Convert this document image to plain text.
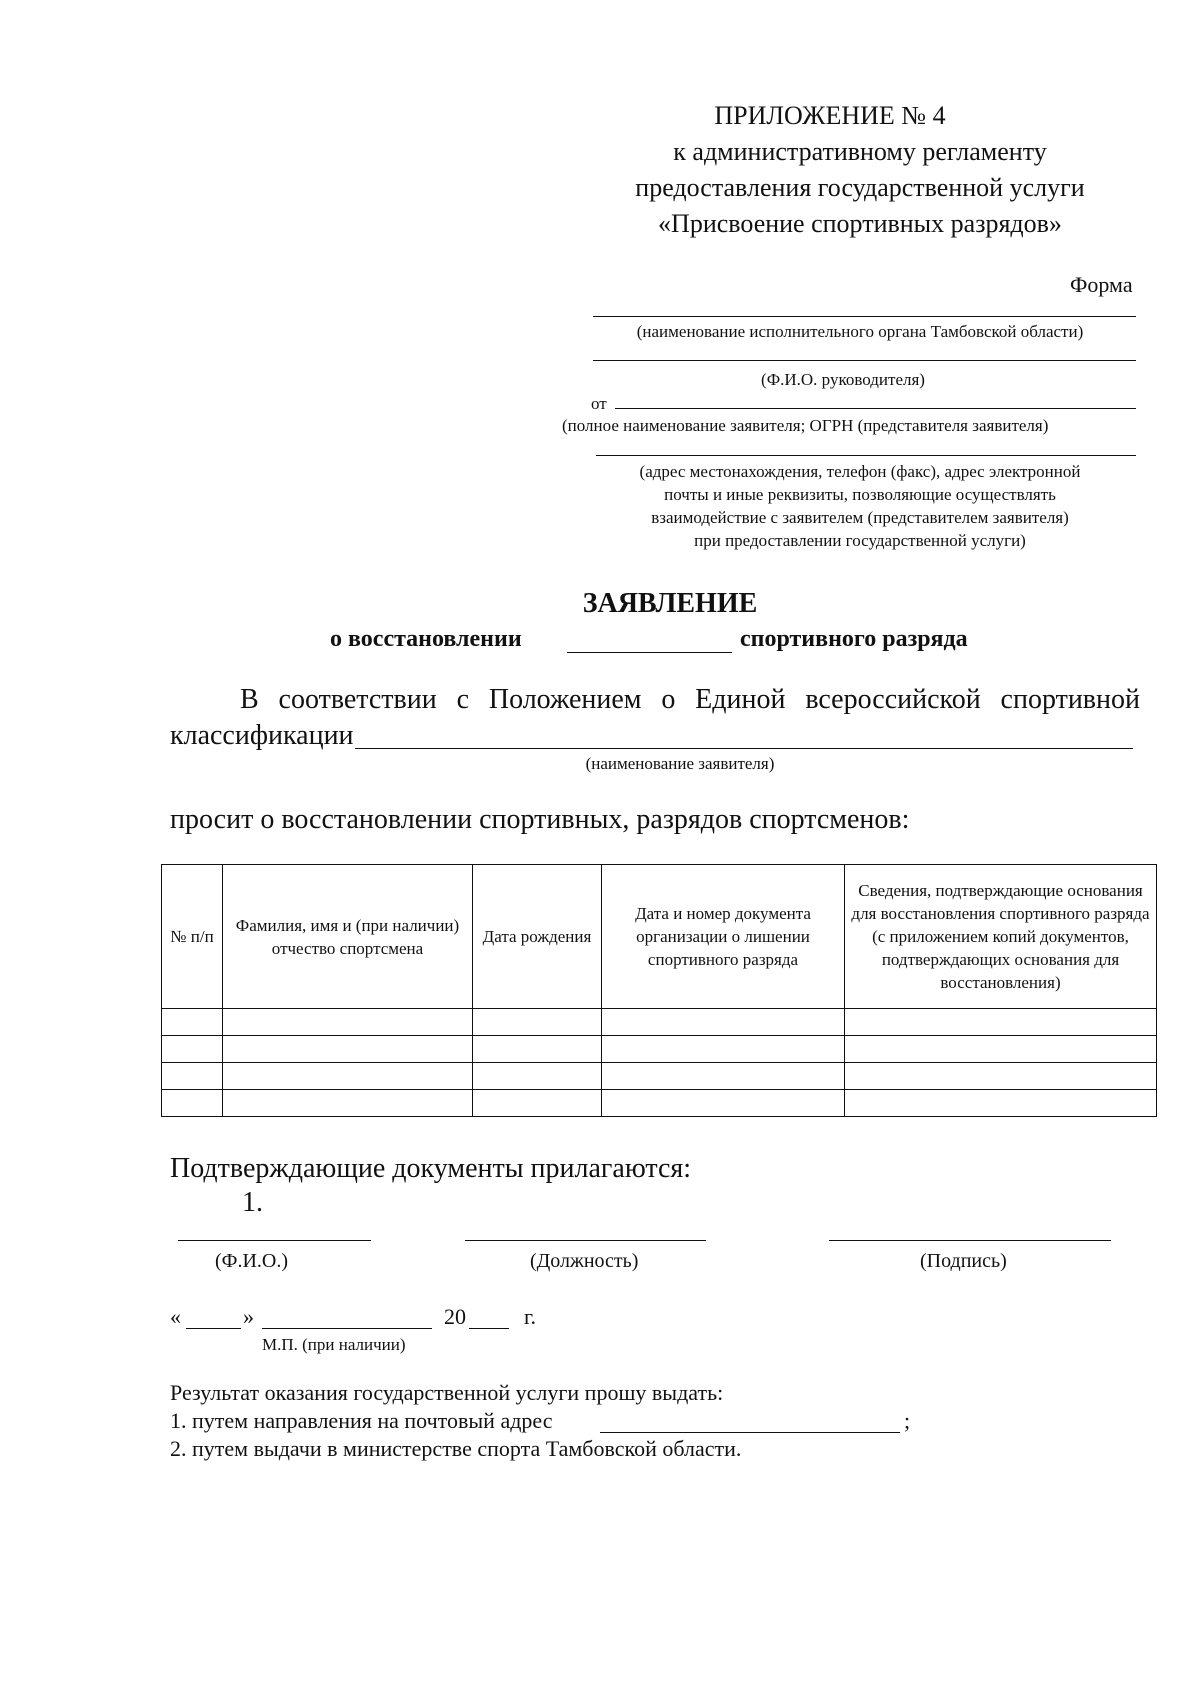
ПРИЛОЖЕНИЕ № 4
к административному регламенту
предоставления государственной услуги
«Присвоение спортивных разрядов»
Форма
(наименование исполнительного органа Тамбовской области)
(Ф.И.О. руководителя)
от
(полное наименование заявителя; ОГРН (представителя заявителя)
(адрес местонахождения, телефон (факс), адрес электронной
почты и иные реквизиты, позволяющие осуществлять
взаимодействие с заявителем (представителем заявителя)
при предоставлении государственной услуги)
ЗАЯВЛЕНИЕ
о восстановлении	спортивного разряда
В соответствии с Положением о Единой всероссийской спортивной
классификации
(наименование заявителя)
просит о восстановлении спортивных, разрядов спортсменов:
№ п/п	Фамилия, имя и (при наличии) отчество спортсмена	Дата рождения	Дата и номер документа организации о лишении спортивного разряда	Сведения, подтверждающие основания для восстановления спортивного разряда (с приложением копий документов, подтверждающих основания для восстановления)

Подтверждающие документы прилагаются:
1.
(Ф.И.О.)	(Должность)	(Подпись)
«	»	20	г.
М.П. (при наличии)
Результат оказания государственной услуги прошу выдать:
1. путем направления на почтовый адрес	;
2. путем выдачи в министерстве спорта Тамбовской области.
